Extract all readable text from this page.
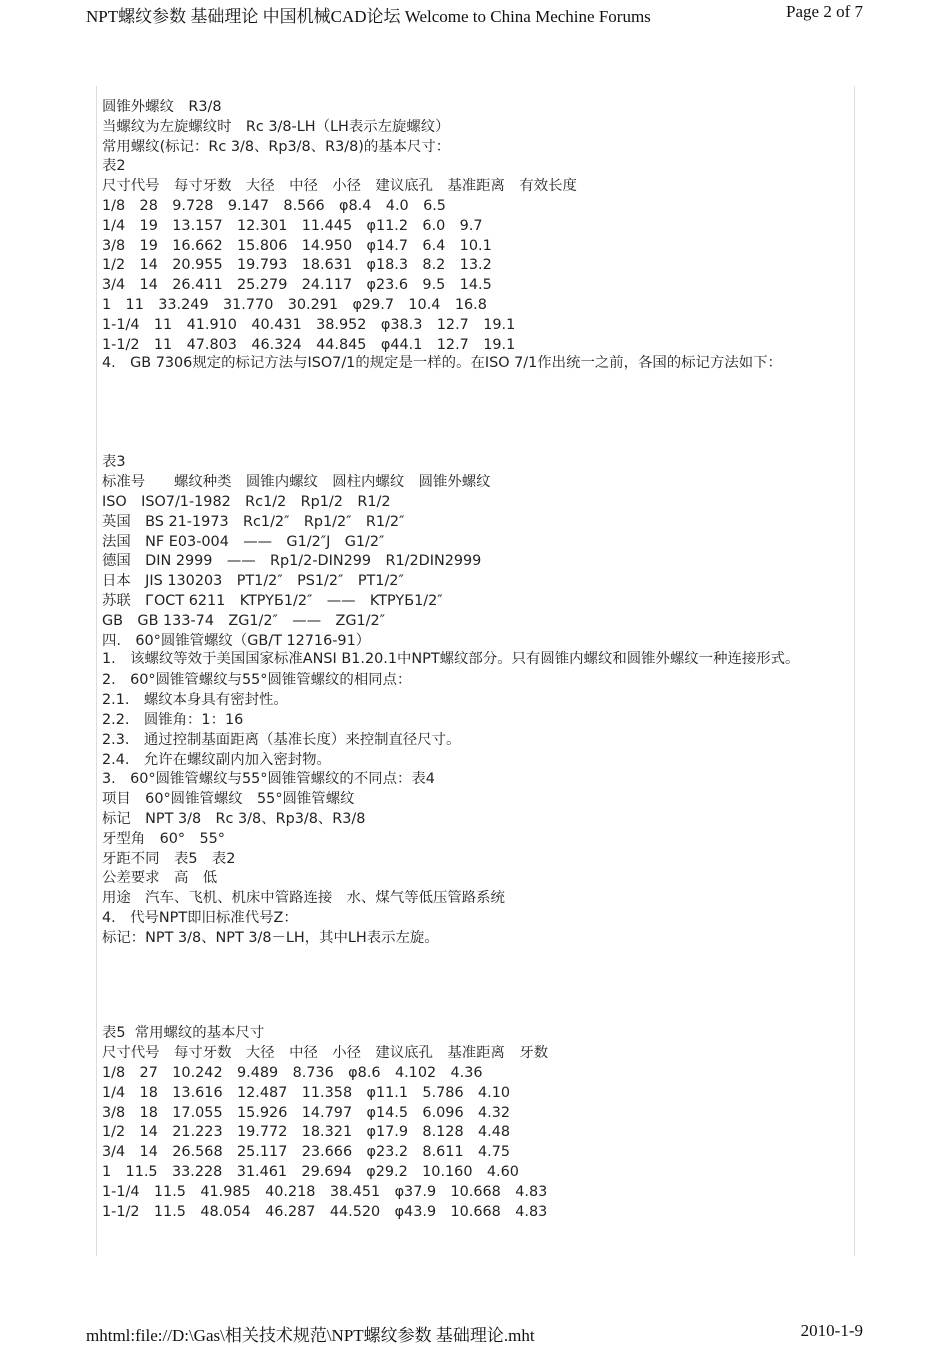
NPT螺纹参数 基础理论 中国机械CAD论坛 Welcome to China Mechine Forums	Page 2 of 7
圆锥外螺纹　R3/8
当螺纹为左旋螺纹时　Rc 3/8-LH（LH表示左旋螺纹）
常用螺纹(标记：Rc 3/8、Rp3/8、R3/8)的基本尺寸：
表2
尺寸代号　每寸牙数　大径　中径　小径　建议底孔　基准距离　有效长度
1/8　28　9.728　9.147　8.566　φ8.4　4.0　6.5
1/4　19　13.157　12.301　11.445　φ11.2　6.0　9.7
3/8　19　16.662　15.806　14.950　φ14.7　6.4　10.1
1/2　14　20.955　19.793　18.631　φ18.3　8.2　13.2
3/4　14　26.411　25.279　24.117　φ23.6　9.5　14.5
1　11　33.249　31.770　30.291　φ29.7　10.4　16.8
1-1/4　11　41.910　40.431　38.952　φ38.3　12.7　19.1
1-1/2　11　47.803　46.324　44.845　φ44.1　12.7　19.1
4.　GB 7306规定的标记方法与ISO7/1的规定是一样的。在ISO 7/1作出统一之前，各国的标记方法如下：
表3
标准号　　螺纹种类　圆锥内螺纹　圆柱内螺纹　圆锥外螺纹
ISO　ISO7/1-1982　Rc1/2　Rp1/2　R1/2
英国　BS 21-1973　Rc1/2″　Rp1/2″　R1/2″
法国　NF E03-004　——　G1/2″J　G1/2″
德国　DIN 2999　——　Rp1/2-DIN299　R1/2DIN2999
日本　JIS 130203　PT1/2″　PS1/2″　PT1/2″
苏联　ГОСТ 6211　KTPYБ1/2″　——　KTPYБ1/2″
GB　GB 133-74　ZG1/2″　——　ZG1/2″
四.　60°圆锥管螺纹（GB/T 12716-91）
1.　该螺纹等效于美国国家标准ANSI B1.20.1中NPT螺纹部分。只有圆锥内螺纹和圆锥外螺纹一种连接形式。
2.　60°圆锥管螺纹与55°圆锥管螺纹的相同点：
2.1.　螺纹本身具有密封性。
2.2.　圆锥角：1：16
2.3.　通过控制基面距离（基准长度）来控制直径尺寸。
2.4.　允许在螺纹副内加入密封物。
3.　60°圆锥管螺纹与55°圆锥管螺纹的不同点：表4
项目　60°圆锥管螺纹　55°圆锥管螺纹
标记　NPT 3/8　Rc 3/8、Rp3/8、R3/8
牙型角　60°　55°
牙距不同　表5　表2
公差要求　高　低
用途　汽车、飞机、机床中管路连接　水、煤气等低压管路系统
4.　代号NPT即旧标准代号Z：
标记：NPT 3/8、NPT 3/8－LH，其中LH表示左旋。
表5  常用螺纹的基本尺寸
尺寸代号　每寸牙数　大径　中径　小径　建议底孔　基准距离　牙数
1/8　27　10.242　9.489　8.736　φ8.6　4.102　4.36
1/4　18　13.616　12.487　11.358　φ11.1　5.786　4.10
3/8　18　17.055　15.926　14.797　φ14.5　6.096　4.32
1/2　14　21.223　19.772　18.321　φ17.9　8.128　4.48
3/4　14　26.568　25.117　23.666　φ23.2　8.611　4.75
1　11.5　33.228　31.461　29.694　φ29.2　10.160　4.60
1-1/4　11.5　41.985　40.218　38.451　φ37.9　10.668　4.83
1-1/2　11.5　48.054　46.287　44.520　φ43.9　10.668　4.83
mhtml:file://D:\Gas\相关技术规范\NPT螺纹参数 基础理论.mht	2010-1-9
